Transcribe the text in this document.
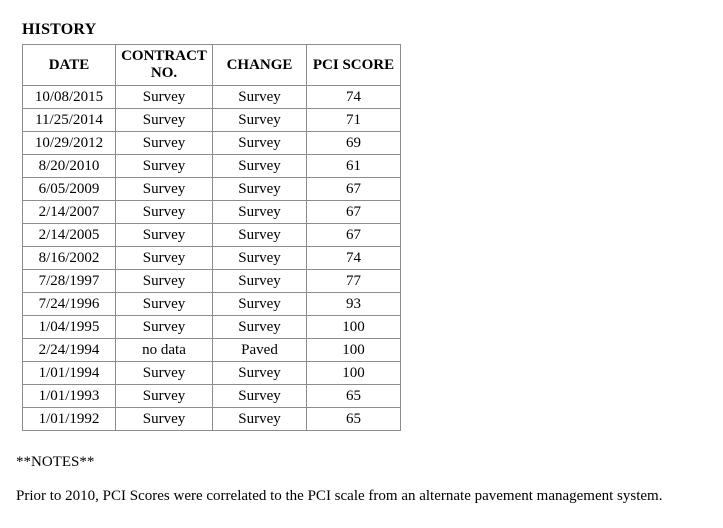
HISTORY
DATE	CONTRACT NO.	CHANGE	PCI SCORE
10/08/2015	Survey	Survey	74
11/25/2014	Survey	Survey	71
10/29/2012	Survey	Survey	69
8/20/2010	Survey	Survey	61
6/05/2009	Survey	Survey	67
2/14/2007	Survey	Survey	67
2/14/2005	Survey	Survey	67
8/16/2002	Survey	Survey	74
7/28/1997	Survey	Survey	77
7/24/1996	Survey	Survey	93
1/04/1995	Survey	Survey	100
2/24/1994	no data	Paved	100
1/01/1994	Survey	Survey	100
1/01/1993	Survey	Survey	65
1/01/1992	Survey	Survey	65
**NOTES**
Prior to 2010, PCI Scores were correlated to the PCI scale from an alternate pavement management system.
